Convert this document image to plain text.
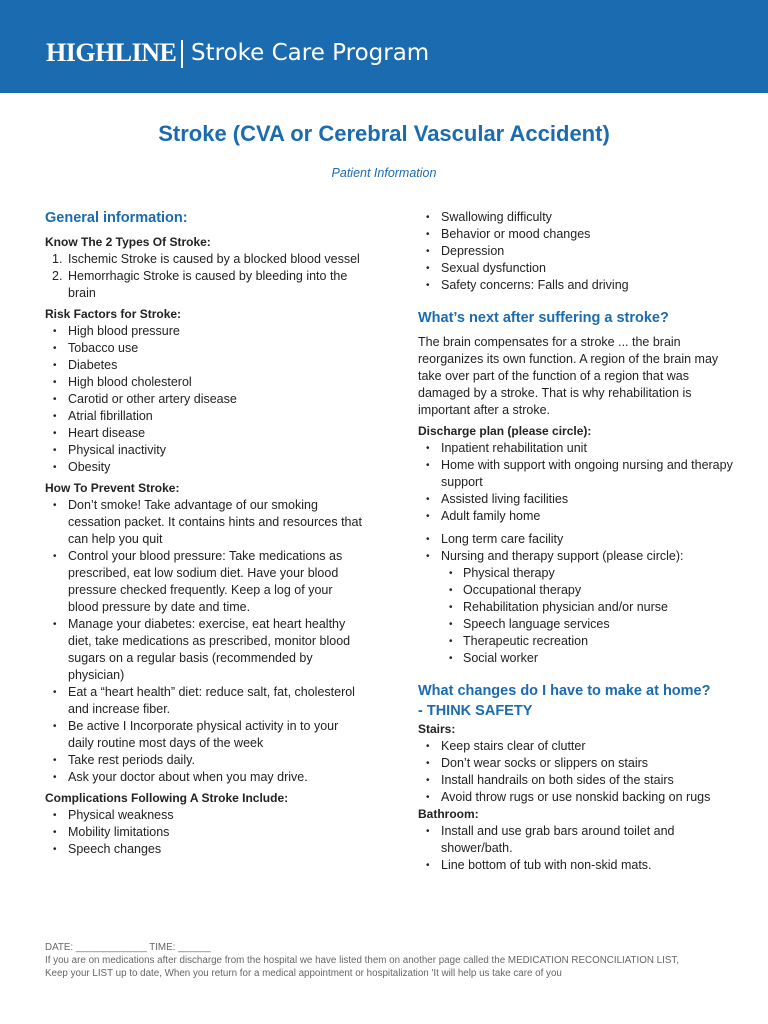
HIGHLINE Stroke Care Program
Stroke (CVA or Cerebral Vascular Accident)
Patient Information
General information:
Know The 2 Types Of Stroke:
1. Ischemic Stroke is caused by a blocked blood vessel
2. Hemorrhagic Stroke is caused by bleeding into the brain
Risk Factors for Stroke:
• High blood pressure
• Tobacco use
• Diabetes
• High blood cholesterol
• Carotid or other artery disease
• Atrial fibrillation
• Heart disease
• Physical inactivity
• Obesity
How To Prevent Stroke:
• Don’t smoke! Take advantage of our smoking cessation packet. It contains hints and resources that can help you quit
• Control your blood pressure: Take medications as prescribed, eat low sodium diet. Have your blood pressure checked frequently. Keep a log of your blood pressure by date and time.
• Manage your diabetes: exercise, eat heart healthy diet, take medications as prescribed, monitor blood sugars on a regular basis (recommended by physician)
• Eat a “heart health” diet: reduce salt, fat, cholesterol and increase fiber.
• Be active I Incorporate physical activity in to your daily routine most days of the week
• Take rest periods daily.
• Ask your doctor about when you may drive.
Complications Following A Stroke Include:
• Physical weakness
• Mobility limitations
• Speech changes
• Swallowing difficulty
• Behavior or mood changes
• Depression
• Sexual dysfunction
• Safety concerns: Falls and driving
What’s next after suffering a stroke?

The brain compensates for a stroke ... the brain reorganizes its own function. A region of the brain may take over part of the function of a region that was damaged by a stroke. That is why rehabilitation is important after a stroke.

Discharge plan (please circle):
• Inpatient rehabilitation unit
• Home with support with ongoing nursing and therapy support
• Assisted living facilities
• Adult family home
• Long term care facility
• Nursing and therapy support (please circle):
• Physical therapy
• Occupational therapy
• Rehabilitation physician and/or nurse
• Speech language services
• Therapeutic recreation
• Social worker
What changes do I have to make at home?
- THINK SAFETY
Stairs:
• Keep stairs clear of clutter
• Don’t wear socks or slippers on stairs
• Install handrails on both sides of the stairs
• Avoid throw rugs or use nonskid backing on rugs
Bathroom:
• Install and use grab bars around toilet and shower/bath.
• Line bottom of tub with non-skid mats.
DATE: _____________ TIME: ______
If you are on medications after discharge from the hospital we have listed them on another page called the MEDICATION RECONCILIATION LIST,
Keep your LIST up to date, When you return for a medical appointment or hospitalization 'It will help us take care of you
